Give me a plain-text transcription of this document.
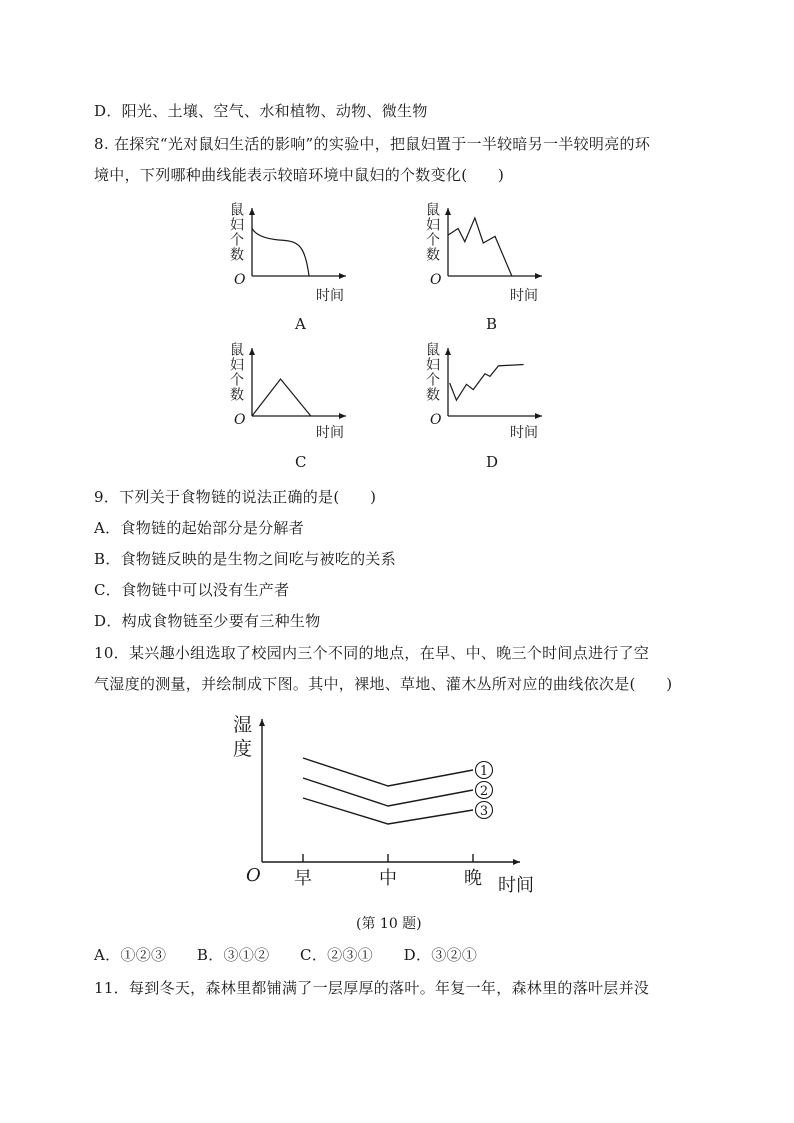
D．阳光、土壤、空气、水和植物、动物、微生物
8. 在探究“光对鼠妇生活的影响”的实验中，把鼠妇置于一半较暗另一半较明亮的环
境中，下列哪种曲线能表示较暗环境中鼠妇的个数变化(　　)
鼠妇个数
O
时间
A
鼠妇个数
O
时间
B
鼠妇个数
O
时间
C
鼠妇个数
O
时间
D
9．下列关于食物链的说法正确的是(　　)
A．食物链的起始部分是分解者
B．食物链反映的是生物之间吃与被吃的关系
C．食物链中可以没有生产者
D．构成食物链至少要有三种生物
10．某兴趣小组选取了校园内三个不同的地点，在早、中、晚三个时间点进行了空
气湿度的测量，并绘制成下图。其中，裸地、草地、灌木丛所对应的曲线依次是(　　)
湿度
早	中	晚
1
2
3
O	时间
(第 10 题)
A．①②③　　B．③①②　　C．②③①　　D．③②①
11．每到冬天，森林里都铺满了一层厚厚的落叶。年复一年，森林里的落叶层并没
